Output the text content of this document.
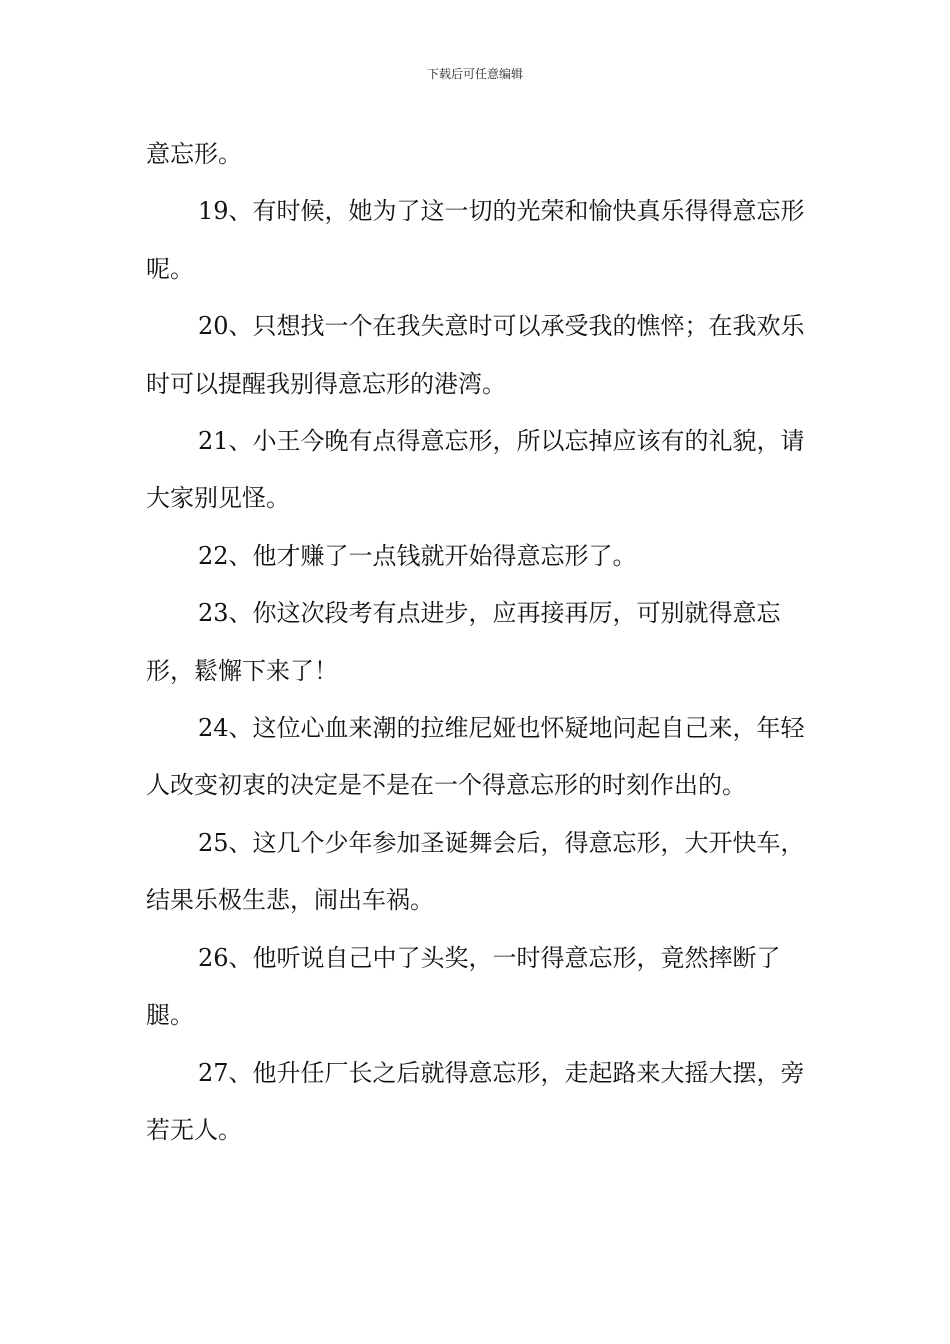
下载后可任意编辑

意忘形。

19、有时候，她为了这一切的光荣和愉快真乐得得意忘形呢。

20、只想找一个在我失意时可以承受我的憔悴；在我欢乐时可以提醒我别得意忘形的港湾。

21、小王今晚有点得意忘形，所以忘掉应该有的礼貌，请大家别见怪。

22、他才赚了一点钱就开始得意忘形了。

23、你这次段考有点进步，应再接再厉，可别就得意忘形，鬆懈下来了！

24、这位心血来潮的拉维尼娅也怀疑地问起自己来，年轻人改变初衷的决定是不是在一个得意忘形的时刻作出的。

25、这几个少年参加圣诞舞会后，得意忘形，大开快车，结果乐极生悲，闹出车祸。

26、他听说自己中了头奖，一时得意忘形，竟然摔断了腿。

27、他升任厂长之后就得意忘形，走起路来大摇大摆，旁若无人。
